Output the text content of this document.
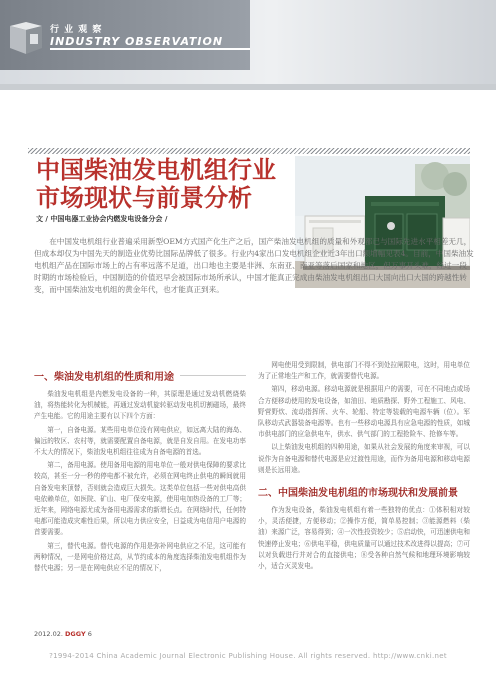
行 业 观 察
INDUSTRY OBSERVATION
中国柴油发电机组行业
市场现状与前景分析
文 / 中国电器工业协会内燃发电设备分会 /

在中国发电机组行业普遍采用新型OEM方式国产化生产之后，国产柴油发电机组的质量和外观都已与国际先进水平相差无几，但成本却仅为中国先天的制造业优势比国际品牌低了很多。行业内4家出口发电机组企业近3年出口额增幅见表4。目前，中国柴油发电机组产品在国际市场上的占有率远落不足道，出口地也主要是非洲、东南亚、南亚等落后国家和地区，但万事开头难，经过一段时期的市场检验后，中国制造的价值迟早会被国际市场所承认，中国才能真正完成由柴油发电机组出口大国向出口大国的跨越性转变，而中国柴油发电机组的黄金年代，也才能真正到来。

一、柴油发电机组的性质和用途

柴油发电机组是内燃发电设备的一种，其原理是通过发动机燃烧柴油，将热能转化为机械能，再通过发动机旋转驱动发电机切割磁场，最终产生电能。它的用途主要有以下四个方面：

第一，自备电源。某些用电单位没有网电供应，如远离大陆的海岛、偏远的牧区、农村等，就需要配置自备电源，就是自发自用。在发电功率不太大的情况下，柴油发电机组往往成为自备电源的首选。

第二，备用电源。使用备用电源的用电单位一般对供电保障的要求比较高，甚至一分一秒的停电都不被允许，必须在网电终止供电的瞬间就用自备发电来顶替，否则就会造成巨大损失。这类单位包括一些对供电高供电依赖单位，如医院、矿山、电厂保安电源，使用电加热设备的工厂等；近年来，网络电源尤成为备用电源需求的新增长点。在网络时代，任何特电都可能造成灾难性后果，所以电力供应安全，日益成为电信用户电源的首要需要。

第三，替代电源。替代电源的作用是弥补网电供应之不足，这可能有两种情况，一是网电价格过高，从节约成本的角度选择柴油发电机组作为替代电源；另一是在网电供应不足的情况下，

网电使用受到限制，供电部门不得不到处拉闸限电，这时，用电单位为了正常地生产和工作，就需要替代电源。

第四，移动电源。移动电源就是根据用户的需要，可在不同地点或场合方便移动使用的发电设备，如油田、地质勘探、野外工程施工、风电、野营野炊、流动指挥所、火车、轮船、特定等装载的电源车辆（位）。军队移动式武器装备电源等。也有一些移动电源具有应急电源的性质，如城市供电部门的应急供电车，供水、供气部门的工程抢险车、抢修车等。

以上柴油发电机组的四种用途，如果从社会发展的角度来审视，可以说作为自备电源和替代电源是应过渡性用途，而作为备用电源和移动电源则是长远用途。

二、中国柴油发电机组的市场现状和发展前景

作为发电设备，柴油发电机组有着一些独特的优点：①体积相对较小，灵活便捷，方便移动；②操作方便，简单易控制；③能源燃料（柴油）来源广泛，容易得到；④一次性投资较少；⑤启动快，可迅速供电和快速停止发电；⑥供电平稳，供电质量可以通过技术改进得以提高；⑦可以对负载进行并对合的直接供电；⑧受各种自然气候和地理环境影响较小，适合灭灵发电。

2012.02. DGGY 6
?1994-2014 China Academic Journal Electronic Publishing House. All rights reserved. http://www.cnki.net
